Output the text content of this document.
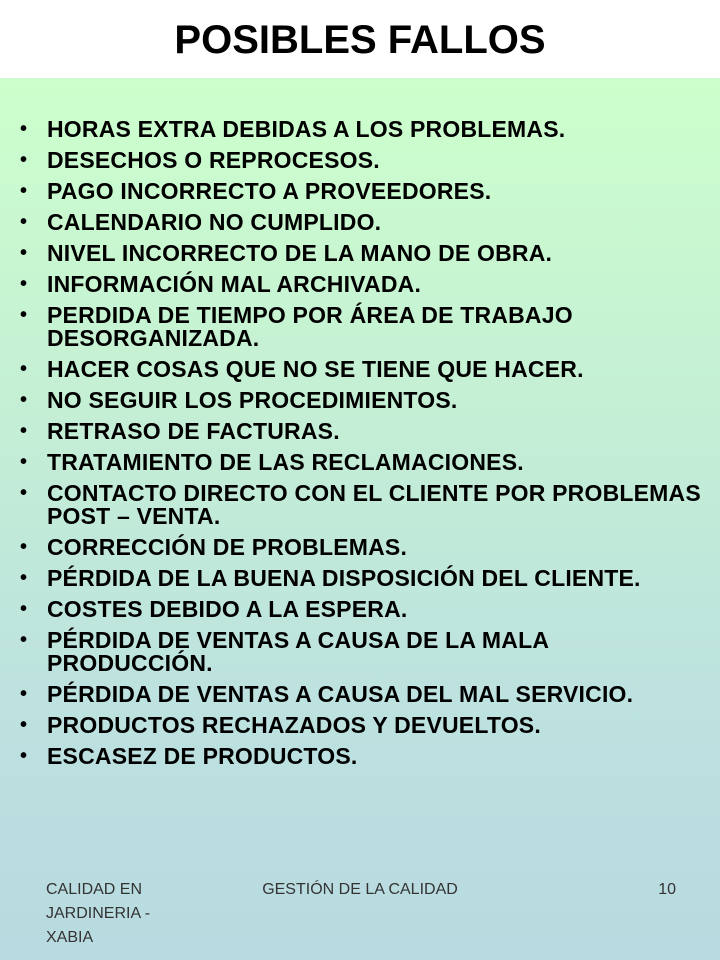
POSIBLES FALLOS
• HORAS EXTRA DEBIDAS A LOS PROBLEMAS.
• DESECHOS O REPROCESOS.
• PAGO INCORRECTO A PROVEEDORES.
• CALENDARIO NO CUMPLIDO.
• NIVEL INCORRECTO DE LA MANO DE OBRA.
• INFORMACIÓN MAL ARCHIVADA.
• PERDIDA DE TIEMPO POR ÁREA DE TRABAJO DESORGANIZADA.
• HACER COSAS QUE NO SE TIENE QUE HACER.
• NO SEGUIR LOS PROCEDIMIENTOS.
• RETRASO DE FACTURAS.
• TRATAMIENTO DE LAS RECLAMACIONES.
• CONTACTO DIRECTO CON EL CLIENTE POR PROBLEMAS POST – VENTA.
• CORRECCIÓN DE PROBLEMAS.
• PÉRDIDA DE LA BUENA DISPOSICIÓN DEL CLIENTE.
• COSTES DEBIDO A LA ESPERA.
• PÉRDIDA DE VENTAS A CAUSA DE LA MALA PRODUCCIÓN.
• PÉRDIDA DE VENTAS A CAUSA DEL MAL SERVICIO.
• PRODUCTOS RECHAZADOS Y DEVUELTOS.
• ESCASEZ DE PRODUCTOS.
CALIDAD EN JARDINERIA - XABIA
GESTIÓN DE LA CALIDAD	10
